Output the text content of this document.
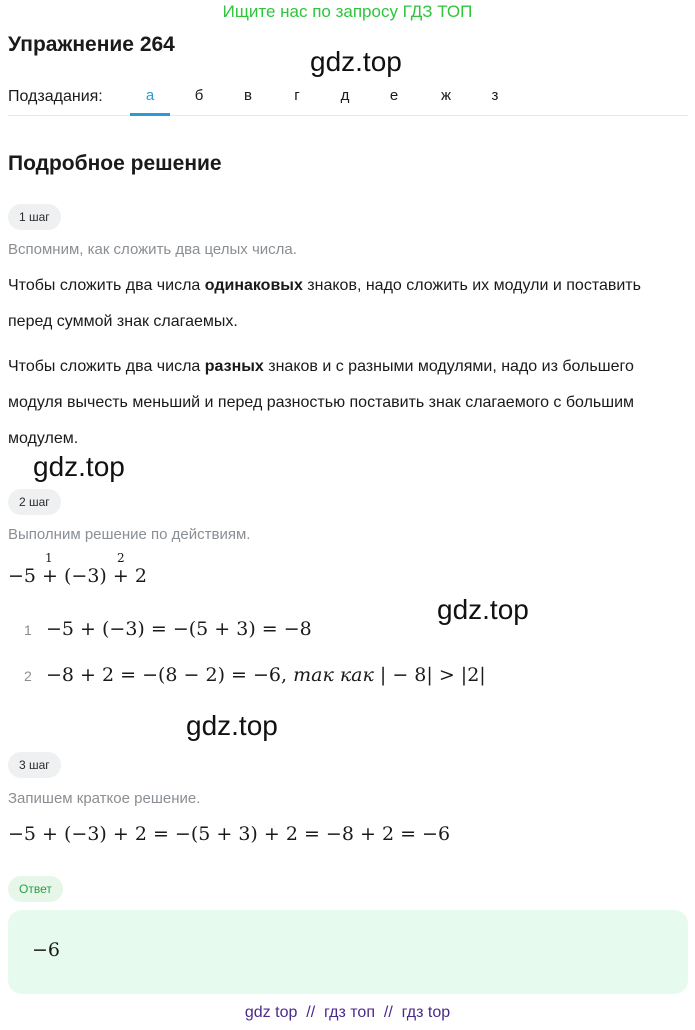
Ищите нас по запросу ГДЗ ТОП
Упражнение 264
gdz.top
Подзадания:	а	б	в	г	д	е	ж	з
Подробное решение
1 шаг
Вспомним, как сложить два целых числа.
Чтобы сложить два числа одинаковых знаков, надо сложить их модули и поставить перед суммой знак слагаемых.
Чтобы сложить два числа разных знаков и с разными модулями, надо из большего модуля вычесть меньший и перед разностью поставить знак слагаемого с большим модулем.
gdz.top
2 шаг
Выполним решение по действиям.
1	2
−5 + (−3) + 2
gdz.top
1 −5 + (−3) = −(5 + 3) = −8
2 −8 + 2 = −(8 − 2) = −6, так как | − 8| > |2|
gdz.top
3 шаг
Запишем краткое решение.
−5 + (−3) + 2 = −(5 + 3) + 2 = −8 + 2 = −6
Ответ
−6
gdz top  //  гдз топ  //  гдз top
